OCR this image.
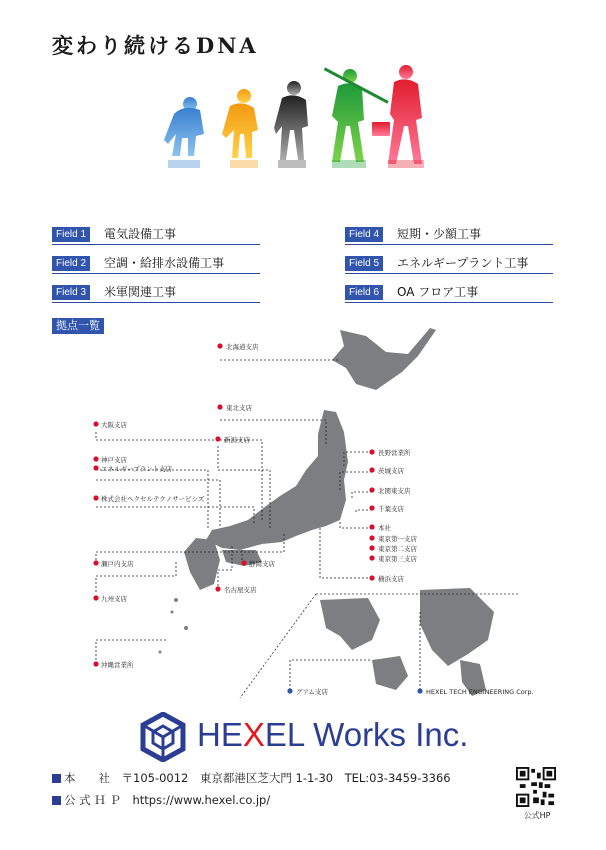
変わり続けるDNA
Field 1	電気設備工事
Field 2	空調・給排水設備工事
Field 3	米軍関連工事
Field 4	短期・少額工事
Field 5	エネルギープラント工事
Field 6	OA フロア工事
拠点一覧
北海道支店
東北支店
大阪支店
新潟支店
神戸支店
エネルギープラント支店
株式会社ヘクセルテクノサービシズ
瀬戸内支店
九州支店
沖縄営業所
静岡支店
名古屋支店
長野営業所
茨城支店
北関東支店
千葉支店
本社
東京第一支店
東京第二支店
東京第三支店
横浜支店
グアム支店	HEXEL TECH ENGINEERING Corp.
HEXEL Works Inc.
本　　社　 〒105-0012　東京都港区芝大門 1-1-30　TEL:03-3459-3366
公 式 Ｈ Ｐ　 https://www.hexel.co.jp/
公式HP
